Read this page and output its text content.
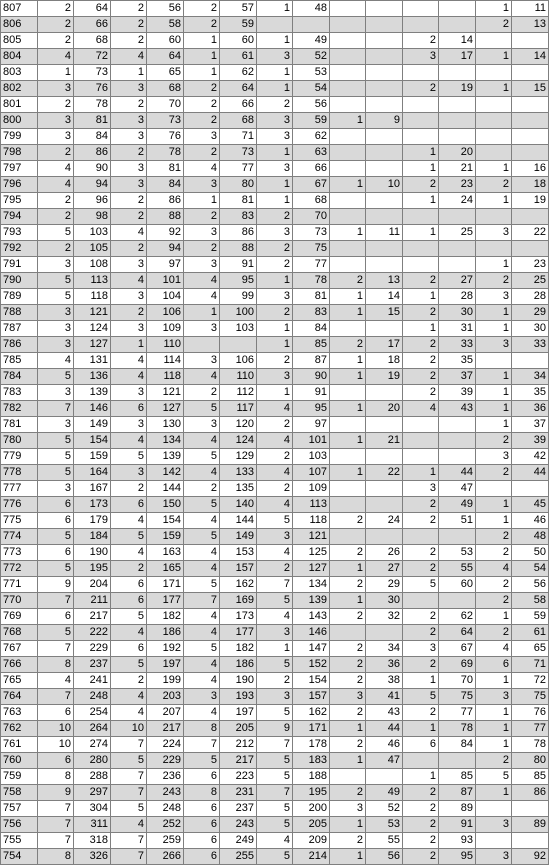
807	2	64	2	56	2	57	1	48					1	11
806	2	66	2	58	2	59							2	13
805	2	68	2	60	1	60	1	49			2	14		
804	4	72	4	64	1	61	3	52			3	17	1	14
803	1	73	1	65	1	62	1	53						
802	3	76	3	68	2	64	1	54			2	19	1	15
801	2	78	2	70	2	66	2	56						
800	3	81	3	73	2	68	3	59	1	9				
799	3	84	3	76	3	71	3	62						
798	2	86	2	78	2	73	1	63			1	20		
797	4	90	3	81	4	77	3	66			1	21	1	16
796	4	94	3	84	3	80	1	67	1	10	2	23	2	18
795	2	96	2	86	1	81	1	68			1	24	1	19
794	2	98	2	88	2	83	2	70						
793	5	103	4	92	3	86	3	73	1	11	1	25	3	22
792	2	105	2	94	2	88	2	75						
791	3	108	3	97	3	91	2	77					1	23
790	5	113	4	101	4	95	1	78	2	13	2	27	2	25
789	5	118	3	104	4	99	3	81	1	14	1	28	3	28
788	3	121	2	106	1	100	2	83	1	15	2	30	1	29
787	3	124	3	109	3	103	1	84			1	31	1	30
786	3	127	1	110			1	85	2	17	2	33	3	33
785	4	131	4	114	3	106	2	87	1	18	2	35		
784	5	136	4	118	4	110	3	90	1	19	2	37	1	34
783	3	139	3	121	2	112	1	91			2	39	1	35
782	7	146	6	127	5	117	4	95	1	20	4	43	1	36
781	3	149	3	130	3	120	2	97					1	37
780	5	154	4	134	4	124	4	101	1	21			2	39
779	5	159	5	139	5	129	2	103					3	42
778	5	164	3	142	4	133	4	107	1	22	1	44	2	44
777	3	167	2	144	2	135	2	109			3	47		
776	6	173	6	150	5	140	4	113			2	49	1	45
775	6	179	4	154	4	144	5	118	2	24	2	51	1	46
774	5	184	5	159	5	149	3	121					2	48
773	6	190	4	163	4	153	4	125	2	26	2	53	2	50
772	5	195	2	165	4	157	2	127	1	27	2	55	4	54
771	9	204	6	171	5	162	7	134	2	29	5	60	2	56
770	7	211	6	177	7	169	5	139	1	30			2	58
769	6	217	5	182	4	173	4	143	2	32	2	62	1	59
768	5	222	4	186	4	177	3	146			2	64	2	61
767	7	229	6	192	5	182	1	147	2	34	3	67	4	65
766	8	237	5	197	4	186	5	152	2	36	2	69	6	71
765	4	241	2	199	4	190	2	154	2	38	1	70	1	72
764	7	248	4	203	3	193	3	157	3	41	5	75	3	75
763	6	254	4	207	4	197	5	162	2	43	2	77	1	76
762	10	264	10	217	8	205	9	171	1	44	1	78	1	77
761	10	274	7	224	7	212	7	178	2	46	6	84	1	78
760	6	280	5	229	5	217	5	183	1	47			2	80
759	8	288	7	236	6	223	5	188			1	85	5	85
758	9	297	7	243	8	231	7	195	2	49	2	87	1	86
757	7	304	5	248	6	237	5	200	3	52	2	89		
756	7	311	4	252	6	243	5	205	1	53	2	91	3	89
755	7	318	7	259	6	249	4	209	2	55	2	93		
754	8	326	7	266	6	255	5	214	1	56	2	95	3	92
